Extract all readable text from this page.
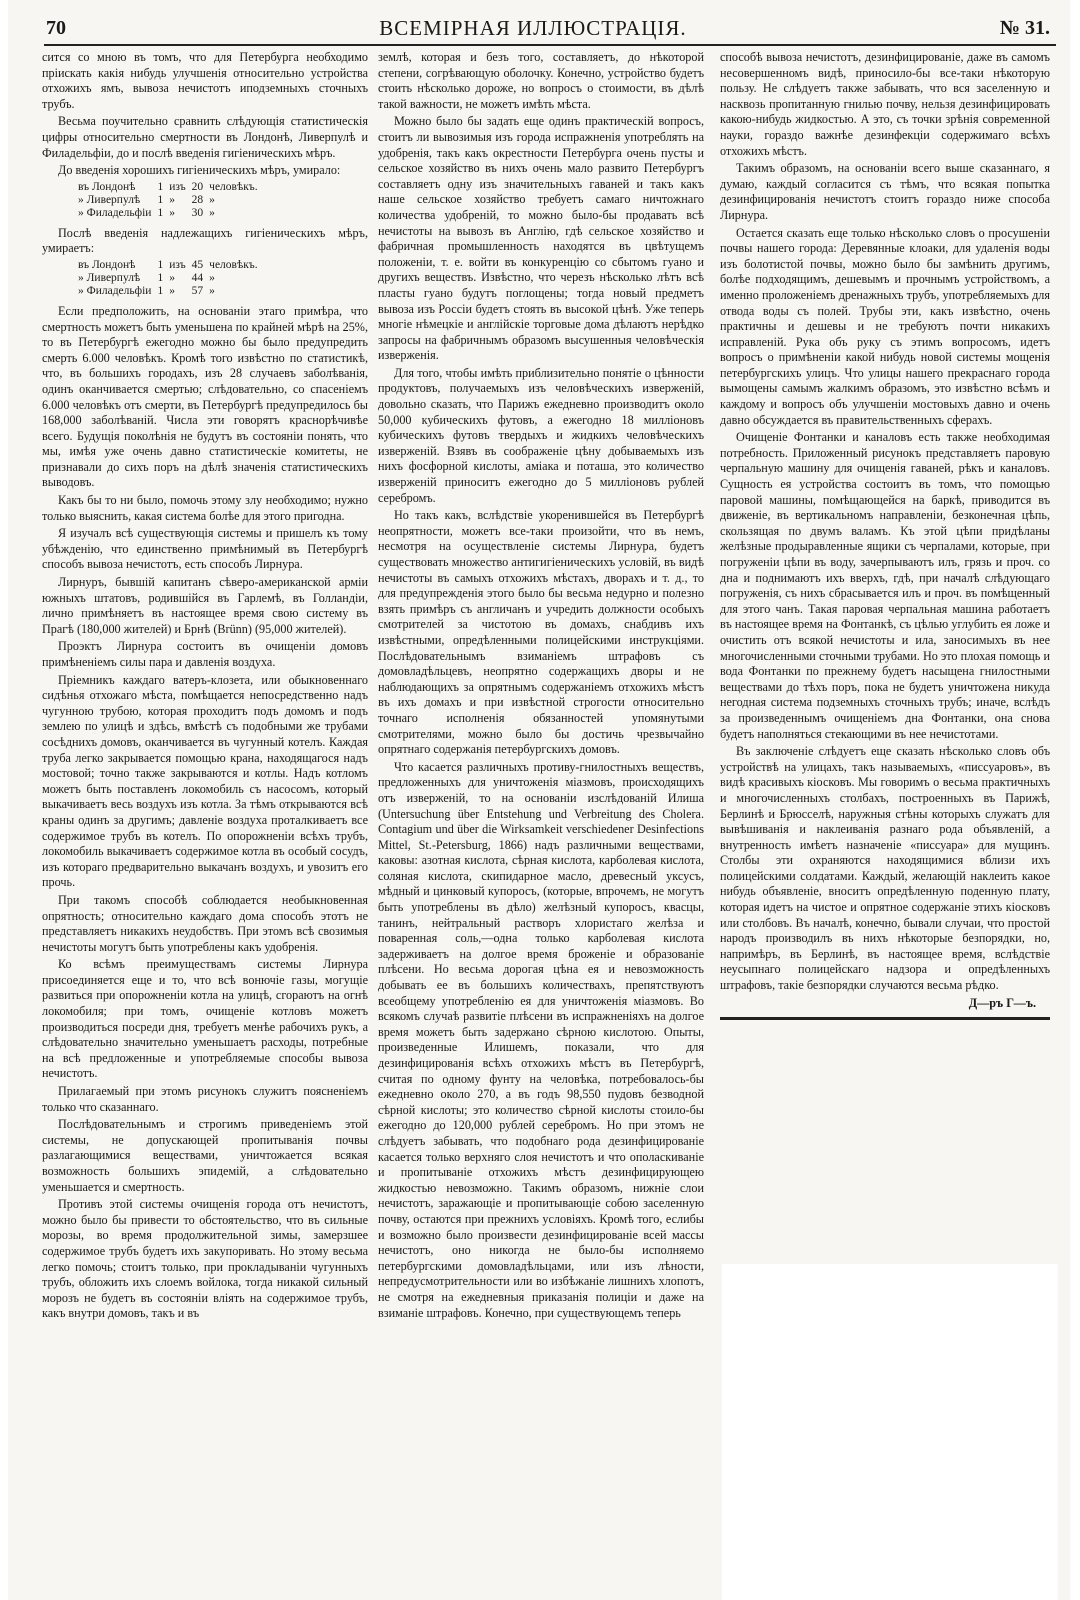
70	ВСЕМІРНАЯ ИЛЛЮСТРАЦІЯ.	№ 31.

сится со мною въ томъ, что для Петербурга необходимо пріискать какія нибудь улучшенія относительно устройства отхожихъ ямъ, вывоза нечистотъ иподземныхъ сточныхъ трубъ.

Весьма поучительно сравнить слѣдующія статистическія цифры относительно смертности въ Лондонѣ, Ливерпулѣ и Филадельфіи, до и послѣ введенія гигіеническихъ мѣръ.

До введенія хорошихъ гигіеническихъ мѣръ, умирало:

въ Лондонѣ	1	изъ	20	человѣкъ.
» Ливерпулѣ	1	»	28	»
» Филадельфіи	1	»	30	»

Послѣ введенія надлежащихъ гигіеническихъ мѣръ, умираетъ:

въ Лондонѣ	1	изъ	45	человѣкъ.
» Ливерпулѣ	1	»	44	»
» Филадельфіи	1	»	57	»

Если предположить, на основаніи этаго примѣра, что смертность можетъ быть уменьшена по крайней мѣрѣ на 25%, то въ Петербургѣ ежегодно можно бы было предупредить смерть 6.000 человѣкъ. Кромѣ того извѣстно по статистикѣ, что, въ большихъ городахъ, изъ 28 случаевъ заболѣванія, одинъ оканчивается смертью; слѣдовательно, со спасеніемъ 6.000 человѣкъ отъ смерти, въ Петербургѣ предупредилось бы 168,000 заболѣваній. Числа эти говорятъ краснорѣчивѣе всего. Будущія поколѣнія не будутъ въ состояніи понять, что мы, имѣя уже очень давно статистическіе комитеты, не признавали до сихъ поръ на дѣлѣ значенія статистическихъ выводовъ.

Какъ бы то ни было, помочь этому злу необходимо; нужно только выяснить, какая система болѣе для этого пригодна.

Я изучалъ всѣ существующія системы и пришелъ къ тому убѣжденію, что единственно примѣнимый въ Петербургѣ способъ вывоза нечистотъ, есть способъ Лирнура.

Лирнуръ, бывшій капитанъ сѣверо-американской арміи южныхъ штатовъ, родившійся въ Гарлемѣ, въ Голландіи, лично примѣняетъ въ настоящее время свою систему въ Прагѣ (180,000 жителей) и Брнѣ (Brünn) (95,000 жителей).

Проэктъ Лирнура состоитъ въ очищеніи домовъ примѣненіемъ силы пара и давленія воздуха.

Пріемникъ каждаго ватеръ-клозета, или обыкновеннаго сидѣнья отхожаго мѣста, помѣщается непосредственно надъ чугунною трубою, которая проходитъ подъ домомъ и подъ землею по улицѣ и здѣсь, вмѣстѣ съ подобными же трубами сосѣднихъ домовъ, оканчивается въ чугунный котелъ. Каждая труба легко закрывается помощью крана, находящагося надъ мостовой; точно также закрываются и котлы. Надъ котломъ можетъ быть поставленъ локомобиль съ насосомъ, который выкачиваетъ весь воздухъ изъ котла. За тѣмъ открываются всѣ краны одинъ за другимъ; давленіе воздуха проталкиваетъ все содержимое трубъ въ котелъ. По опорожненіи всѣхъ трубъ, локомобиль выкачиваетъ содержимое котла въ особый сосудъ, изъ котораго предварительно выкачанъ воздухъ, и увозитъ его прочь.

При такомъ способѣ соблюдается необыкновенная опрятность; относительно каждаго дома способъ этотъ не представляетъ никакихъ неудобствъ. При этомъ всѣ свозимыя нечистоты могутъ быть употреблены какъ удобренія.

Ко всѣмъ преимуществамъ системы Лирнура присоединяется еще и то, что всѣ вонючіе газы, могущіе развиться при опорожненіи котла на улицѣ, сгораютъ на огнѣ локомобиля; при томъ, очищеніе котловъ можетъ производиться посреди дня, требуетъ менѣе рабочихъ рукъ, а слѣдовательно значительно уменьшаетъ расходы, потребные на всѣ предложенные и употребляемые способы вывоза нечистотъ.

Прилагаемый при этомъ рисунокъ служитъ поясненіемъ только что сказаннаго.

Послѣдовательнымъ и строгимъ приведеніемъ этой системы, не допускающей пропитыванія почвы разлагающимися веществами, уничтожается всякая возможность большихъ эпидемій, а слѣдовательно уменьшается и смертность.

Противъ этой системы очищенія города отъ нечистотъ, можно было бы привести то обстоятельство, что въ сильные морозы, во время продолжительной зимы, замерзшее содержимое трубъ будетъ ихъ закупоривать. Но этому весьма легко помочь; стоитъ только, при прокладываніи чугунныхъ трубъ, обложить ихъ слоемъ войлока, тогда никакой сильный морозъ не будетъ въ состояніи вліять на содержимое трубъ, какъ внутри домовъ, такъ и въ

землѣ, которая и безъ того, составляетъ, до нѣкоторой степени, согрѣвающую оболочку. Конечно, устройство будетъ стоить нѣсколько дороже, но вопросъ о стоимости, въ дѣлѣ такой важности, не можетъ имѣть мѣста.

Можно было бы задать еще одинъ практическій вопросъ, стоитъ ли вывозимыя изъ города испражненія употреблять на удобренія, такъ какъ окрестности Петербурга очень пусты и сельское хозяйство въ нихъ очень мало развито Петербургъ составляетъ одну изъ значительныхъ гаваней и такъ какъ наше сельское хозяйство требуетъ самаго ничтожнаго количества удобреній, то можно было-бы продавать всѣ нечистоты на вывозъ въ Англію, гдѣ сельское хозяйство и фабричная промышленность находятся въ цвѣтущемъ положеніи, т. е. войти въ конкуренцію со сбытомъ гуано и другихъ веществъ. Извѣстно, что черезъ нѣсколько лѣтъ всѣ пласты гуано будутъ поглощены; тогда новый предметъ вывоза изъ Россіи будетъ стоять въ высокой цѣнѣ. Уже теперь многіе нѣмецкіе и англійскіе торговые дома дѣлаютъ нерѣдко запросы на фабричнымъ образомъ высушенныя человѣческія изверженія.

Для того, чтобы имѣть приблизительно понятіе о цѣнности продуктовъ, получаемыхъ изъ человѣческихъ изверженій, довольно сказать, что Парижъ ежедневно производитъ около 50,000 кубическихъ футовъ, а ежегодно 18 милліоновъ кубическихъ футовъ твердыхъ и жидкихъ человѣческихъ изверженій. Взявъ въ соображеніе цѣну добываемыхъ изъ нихъ фосфорной кислоты, аміака и поташа, это количество изверженій приноситъ ежегодно до 5 милліоновъ рублей серебромъ.

Но такъ какъ, вслѣдствіе укоренившейся въ Петербургѣ неопрятности, можетъ все-таки произойти, что въ немъ, несмотря на осуществленіе системы Лирнура, будетъ существовать множество антигигіеническихъ условій, въ видѣ нечистоты въ самыхъ отхожихъ мѣстахъ, дворахъ и т. д., то для предупрежденія этого было бы весьма недурно и полезно взять примѣръ съ англичанъ и учредить должности особыхъ смотрителей за чистотою въ домахъ, снабдивъ ихъ извѣстными, опредѣленными полицейскими инструкціями. Послѣдовательнымъ взиманіемъ штрафовъ съ домовладѣльцевъ, неопрятно содержащихъ дворы и не наблюдающихъ за опрятнымъ содержаніемъ отхожихъ мѣстъ въ ихъ домахъ и при извѣстной строгости относительно точнаго исполненія обязанностей упомянутыми смотрителями, можно было бы достичь чрезвычайно опрятнаго содержанія петербургскихъ домовъ.

Что касается различныхъ противу-гнилостныхъ веществъ, предложенныхъ для уничтоженія міазмовъ, происходящихъ отъ изверженій, то на основаніи изслѣдованій Илиша (Untersuchung über Entstehung und Verbreitung des Cholera. Contagium und über die Wirksamkeit verschiedener Desinfections Mittel, St.-Petersburg, 1866) надъ различными веществами, каковы: азотная кислота, сѣрная кислота, карболевая кислота, соляная кислота, скипидарное масло, древесный уксусъ, мѣдный и цинковый купоросъ, (которые, впрочемъ, не могутъ быть употреблены въ дѣло) желѣзный купоросъ, квасцы, танинъ, нейтральный растворъ хлористаго желѣза и поваренная соль,—одна только карболевая кислота задерживаетъ на долгое время броженіе и образованіе плѣсени. Но весьма дорогая цѣна ея и невозможность добывать ее въ большихъ количествахъ, препятствуютъ всеобщему употребленію ея для уничтоженія міазмовъ. Во всякомъ случаѣ развитіе плѣсени въ испражненіяхъ на долгое время можетъ быть задержано сѣрною кислотою. Опыты, произведенные Илишемъ, показали, что для дезинфицированія всѣхъ отхожихъ мѣстъ въ Петербургѣ, считая по одному фунту на человѣка, потребовалось-бы ежедневно около 270, а въ годъ 98,550 пудовъ безводной сѣрной кислоты; это количество сѣрной кислоты стоило-бы ежегодно до 120,000 рублей серебромъ. Но при этомъ не слѣдуетъ забывать, что подобнаго рода дезинфицированіе касается только верхняго слоя нечистотъ и что ополаскиваніе и пропитываніе отхожихъ мѣстъ дезинфицирующею жидкостью невозможно. Такимъ образомъ, нижніе слои нечистотъ, заражающіе и пропитывающіе собою заселенную почву, остаются при прежнихъ условіяхъ. Кромѣ того, еслибы и возможно было произвести дезинфицированіе всей массы нечистотъ, оно никогда не было-бы исполняемо петербургскими домовладѣльцами, или изъ лѣности, непредусмотрительности или во избѣжаніе лишнихъ хлопотъ, не смотря на ежедневныя приказанія полиціи и даже на взиманіе штрафовъ. Конечно, при существующемъ теперь

способѣ вывоза нечистотъ, дезинфицированіе, даже въ самомъ несовершенномъ видѣ, приносило-бы все-таки нѣкоторую пользу. Не слѣдуетъ также забывать, что вся заселенную и насквозь пропитанную гнилью почву, нельзя дезинфицировать какою-нибудь жидкостью. А это, съ точки зрѣнія современной науки, гораздо важнѣе дезинфекціи содержимаго всѣхъ отхожихъ мѣстъ.

Такимъ образомъ, на основаніи всего выше сказаннаго, я думаю, каждый согласится съ тѣмъ, что всякая попытка дезинфицированія нечистотъ стоитъ гораздо ниже способа Лирнура.

Остается сказать еще только нѣсколько словъ о просушеніи почвы нашего города: Деревянные клоаки, для удаленія воды изъ болотистой почвы, можно было бы замѣнить другимъ, болѣе подходящимъ, дешевымъ и прочнымъ устройствомъ, а именно проложеніемъ дренажныхъ трубъ, употребляемыхъ для отвода воды съ полей. Трубы эти, какъ извѣстно, очень практичны и дешевы и не требуютъ почти никакихъ исправленій. Рука объ руку съ этимъ вопросомъ, идетъ вопросъ о примѣненіи какой нибудь новой системы мощенія петербургскихъ улицъ. Что улицы нашего прекраснаго города вымощены самымъ жалкимъ образомъ, это извѣстно всѣмъ и каждому и вопросъ объ улучшеніи мостовыхъ давно и очень давно обсуждается въ правительственныхъ сферахъ.

Очищеніе Фонтанки и каналовъ есть также необходимая потребность. Приложенный рисунокъ представляетъ паровую черпальную машину для очищенія гаваней, рѣкъ и каналовъ. Сущность ея устройства состоитъ въ томъ, что помощью паровой машины, помѣщающейся на баркѣ, приводится въ движеніе, въ вертикальномъ направленіи, безконечная цѣпь, скользящая по двумъ валамъ. Къ этой цѣпи придѣланы желѣзные продыравленные ящики съ черпалами, которые, при погруженіи цѣпи въ воду, зачерпываютъ илъ, грязь и проч. со дна и поднимаютъ ихъ вверхъ, гдѣ, при началѣ слѣдующаго погруженія, съ нихъ сбрасывается илъ и проч. въ помѣщенный для этого чанъ. Такая паровая черпальная машина работаетъ въ настоящее время на Фонтанкѣ, съ цѣлью углубить ея ложе и очистить отъ всякой нечистоты и ила, заносимыхъ въ нее многочисленными сточными трубами. Но это плохая помощь и вода Фонтанки по прежнему будетъ насыщена гнилостными веществами до тѣхъ поръ, пока не будетъ уничтожена никуда негодная система подземныхъ сточныхъ трубъ; иначе, вслѣдъ за произведеннымъ очищеніемъ дна Фонтанки, она снова будетъ наполняться стекающими въ нее нечистотами.

Въ заключеніе слѣдуетъ еще сказать нѣсколько словъ объ устройствѣ на улицахъ, такъ называемыхъ, «писсуаровъ», въ видѣ красивыхъ кіосковъ. Мы говоримъ о весьма практичныхъ и многочисленныхъ столбахъ, построенныхъ въ Парижѣ, Берлинѣ и Брюсселѣ, наружныя стѣны которыхъ служатъ для вывѣшиванія и наклеиванія разнаго рода объявленій, а внутренность имѣетъ назначеніе «писсуара» для мущинъ. Столбы эти охраняются находящимися вблизи ихъ полицейскими солдатами. Каждый, желающій наклеить какое нибудь объявленіе, вноситъ опредѣленную поденную плату, которая идетъ на чистое и опрятное содержаніе этихъ кіосковъ или столбовъ. Въ началѣ, конечно, бывали случаи, что простой народъ производилъ въ нихъ нѣкоторые безпорядки, но, напримѣръ, въ Берлинѣ, въ настоящее время, вслѣдствіе неусыпнаго полицейскаго надзора и опредѣленныхъ штрафовъ, такіе безпорядки случаются весьма рѣдко.

Д—ръ Г—ъ.
